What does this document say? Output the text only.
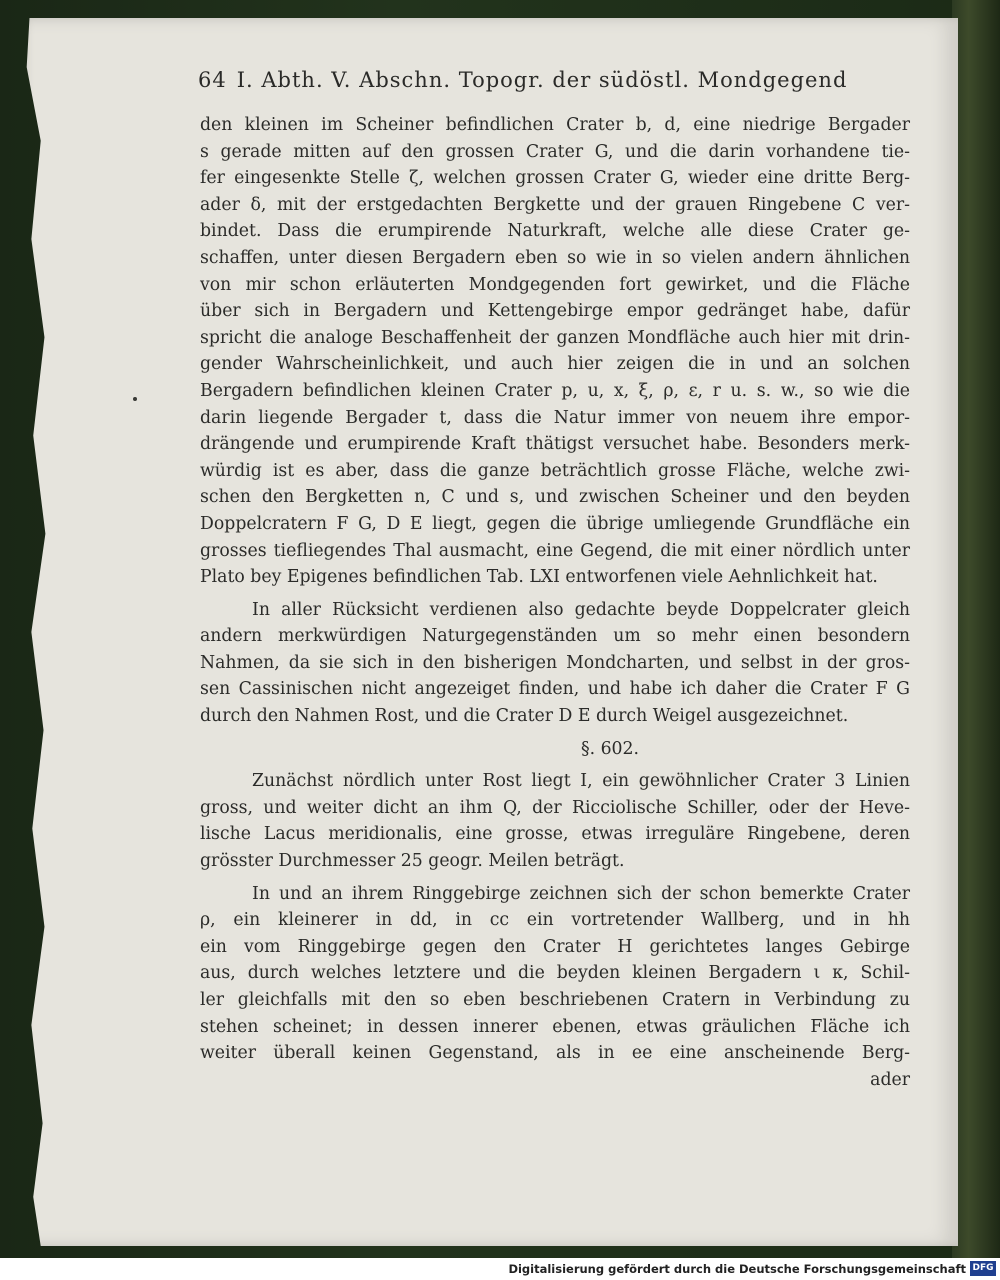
64 I. Abth. V. Abschn. Topogr. der südöstl. Mondgegend
den kleinen im Scheiner befindlichen Crater b, d, eine niedrige Bergader
s gerade mitten auf den grossen Crater G, und die darin vorhandene tie-
fer eingesenkte Stelle ζ, welchen grossen Crater G, wieder eine dritte Berg-
ader δ, mit der erstgedachten Bergkette und der grauen Ringebene C ver-
bindet. Dass die erumpirende Naturkraft, welche alle diese Crater ge-
schaffen, unter diesen Bergadern eben so wie in so vielen andern ähnlichen
von mir schon erläuterten Mondgegenden fort gewirket, und die Fläche
über sich in Bergadern und Kettengebirge empor gedränget habe, dafür
spricht die analoge Beschaffenheit der ganzen Mondfläche auch hier mit drin-
gender Wahrscheinlichkeit, und auch hier zeigen die in und an solchen
Bergadern befindlichen kleinen Crater p, u, x, ξ, ρ, ε, r u. s. w., so wie die
darin liegende Bergader t, dass die Natur immer von neuem ihre empor-
drängende und erumpirende Kraft thätigst versuchet habe. Besonders merk-
würdig ist es aber, dass die ganze beträchtlich grosse Fläche, welche zwi-
schen den Bergketten n, C und s, und zwischen Scheiner und den beyden
Doppelcratern F G, D E liegt, gegen die übrige umliegende Grundfläche ein
grosses tiefliegendes Thal ausmacht, eine Gegend, die mit einer nördlich unter
Plato bey Epigenes befindlichen Tab. LXI entworfenen viele Aehnlichkeit hat.
In aller Rücksicht verdienen also gedachte beyde Doppelcrater gleich
andern merkwürdigen Naturgegenständen um so mehr einen besondern
Nahmen, da sie sich in den bisherigen Mondcharten, und selbst in der gros-
sen Cassinischen nicht angezeiget finden, und habe ich daher die Crater F G
durch den Nahmen Rost, und die Crater D E durch Weigel ausgezeichnet.
§. 602.
Zunächst nördlich unter Rost liegt I, ein gewöhnlicher Crater 3 Linien
gross, und weiter dicht an ihm Q, der Ricciolische Schiller, oder der Heve-
lische Lacus meridionalis, eine grosse, etwas irreguläre Ringebene, deren
grösster Durchmesser 25 geogr. Meilen beträgt.
In und an ihrem Ringgebirge zeichnen sich der schon bemerkte Crater
ρ, ein kleinerer in dd, in cc ein vortretender Wallberg, und in hh
ein vom Ringgebirge gegen den Crater H gerichtetes langes Gebirge
aus, durch welches letztere und die beyden kleinen Bergadern ι κ, Schil-
ler gleichfalls mit den so eben beschriebenen Cratern in Verbindung zu
stehen scheinet; in dessen innerer ebenen, etwas gräulichen Fläche ich
weiter überall keinen Gegenstand, als in ee eine anscheinende Berg-
ader
Digitalisierung gefördert durch die Deutsche Forschungsgemeinschaft DFG
